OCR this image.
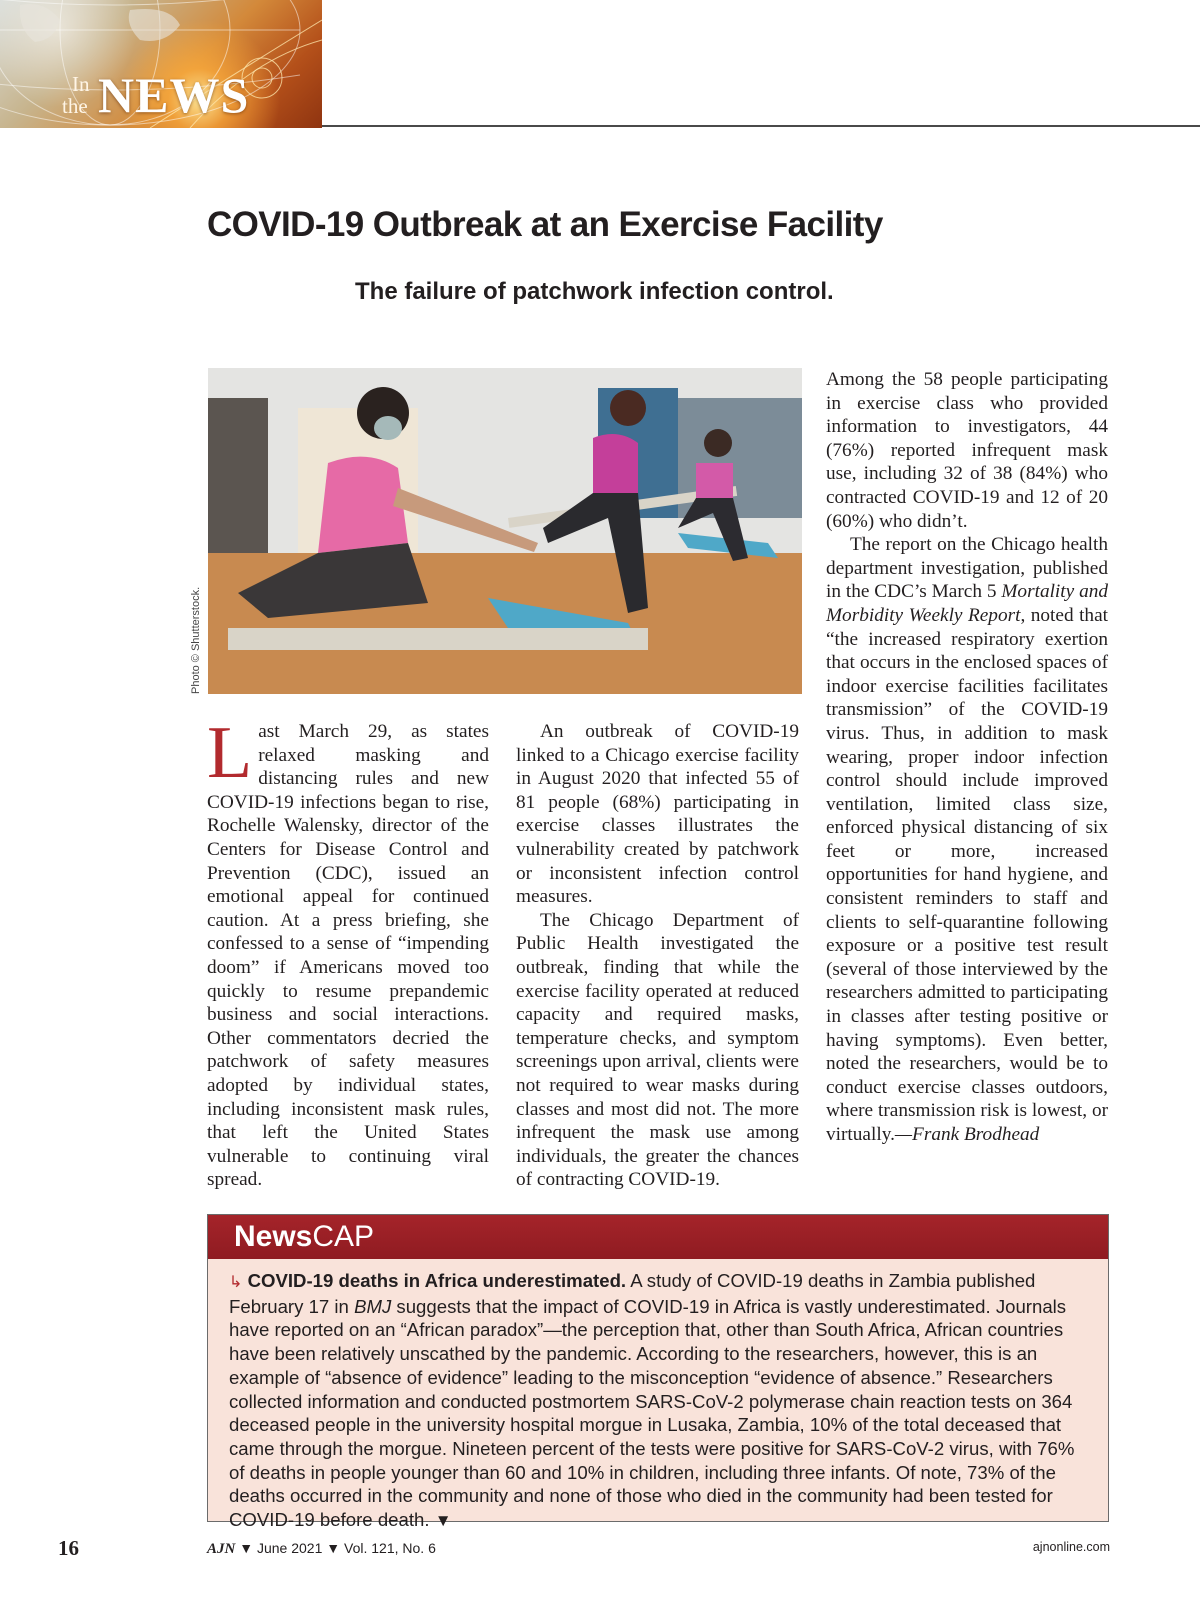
In
the NEWS
COVID-19 Outbreak at an Exercise Facility
The failure of patchwork infection control.
Photo © Shutterstock.

Last March 29, as states relaxed masking and distancing rules and new COVID-19 infections began to rise, Rochelle Walensky, director of the Centers for Disease Control and Prevention (CDC), issued an emotional appeal for continued caution. At a press briefing, she confessed to a sense of “impending doom” if Americans moved too quickly to resume prepandemic business and social interactions. Other commentators decried the patchwork of safety measures adopted by individual states, including inconsistent mask rules, that left the United States vulnerable to continuing viral spread.

An outbreak of COVID-19 linked to a Chicago exercise facility in August 2020 that infected 55 of 81 people (68%) participating in exercise classes illustrates the vulnerability created by patchwork or inconsistent infection control measures.

The Chicago Department of Public Health investigated the outbreak, finding that while the exercise facility operated at reduced capacity and required masks, temperature checks, and symptom screenings upon arrival, clients were not required to wear masks during classes and most did not. The more infrequent the mask use among individuals, the greater the chances of contracting COVID-19.

Among the 58 people participating in exercise class who provided information to investigators, 44 (76%) reported infrequent mask use, including 32 of 38 (84%) who contracted COVID-19 and 12 of 20 (60%) who didn’t.

The report on the Chicago health department investigation, published in the CDC’s March 5 Mortality and Morbidity Weekly Report, noted that “the increased respiratory exertion that occurs in the enclosed spaces of indoor exercise facilities facilitates transmission” of the COVID-19 virus. Thus, in addition to mask wearing, proper indoor infection control should include improved ventilation, limited class size, enforced physical distancing of six feet or more, increased opportunities for hand hygiene, and consistent reminders to staff and clients to self-quarantine following exposure or a positive test result (several of those interviewed by the researchers admitted to participating in classes after testing positive or having symptoms). Even better, noted the researchers, would be to conduct exercise classes outdoors, where transmission risk is lowest, or virtually.—Frank Brodhead

NewsCAP

↳ COVID-19 deaths in Africa underestimated. A study of COVID-19 deaths in Zambia published February 17 in BMJ suggests that the impact of COVID-19 in Africa is vastly underestimated. Journals have reported on an “African paradox”—the perception that, other than South Africa, African countries have been relatively unscathed by the pandemic. According to the researchers, however, this is an example of “absence of evidence” leading to the misconception “evidence of absence.” Researchers collected information and conducted postmortem SARS-CoV-2 polymerase chain reaction tests on 364 deceased people in the university hospital morgue in Lusaka, Zambia, 10% of the total deceased that came through the morgue. Nineteen percent of the tests were positive for SARS-CoV-2 virus, with 76% of deaths in people younger than 60 and 10% in children, including three infants. Of note, 73% of the deaths occurred in the community and none of those who died in the community had been tested for COVID-19 before death. ▼

16	AJN ▼ June 2021 ▼ Vol. 121, No. 6	ajnonline.com
